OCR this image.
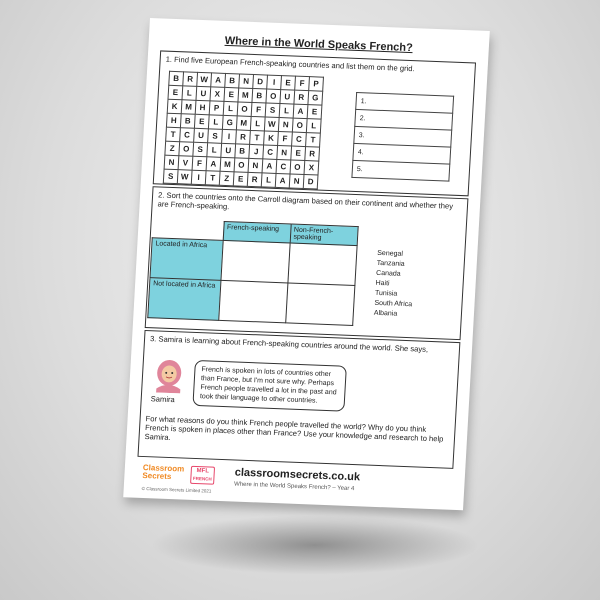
Where in the World Speaks French?
1. Find five European French-speaking countries and list them on the grid.
B	R	W	A	B	N	D	I	E	F	P
E	L	U	X	E	M	B	O	U	R	G
K	M	H	P	L	O	F	S	L	A	E
H	B	E	L	G	M	L	W	N	O	L
T	C	U	S	I	R	T	K	F	C	T
Z	O	S	L	U	B	J	C	N	E	R
N	V	F	A	M	O	N	A	C	O	X
S	W	I	T	Z	E	R	L	A	N	D
1.
2.
3.
4.
5.
2. Sort the countries onto the Carroll diagram based on their continent and whether they are French-speaking.
	French-speaking	Non-French-speaking
Located in Africa		
Not located in Africa		
Senegal
Tanzania
Canada
Haiti
Tunisia
South Africa
Albania
3. Samira is learning about French-speaking countries around the world. She says,
Samira
French is spoken in lots of countries other than France, but I'm not sure why. Perhaps French people travelled a lot in the past and took their language to other countries.
For what reasons do you think French people travelled the world? Why do you think French is spoken in places other than France? Use your knowledge and research to help Samira.
Classroom
Secrets	MFL
FRENCH classroomsecrets.co.uk
Where in the World Speaks French? – Year 4
© Classroom Secrets Limited 2021
